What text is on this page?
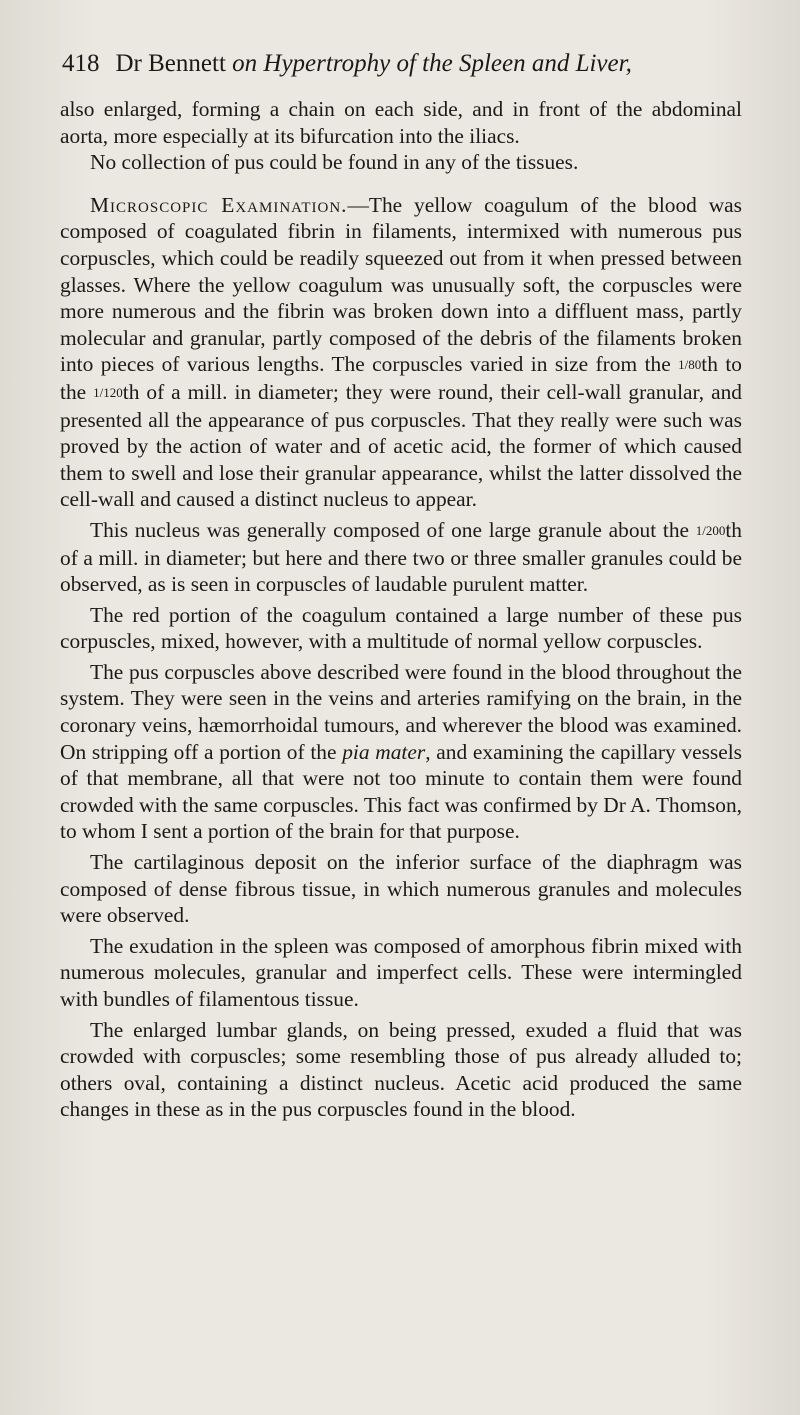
418 Dr Bennett on Hypertrophy of the Spleen and Liver,

also enlarged, forming a chain on each side, and in front of the abdominal aorta, more especially at its bifurcation into the iliacs.

No collection of pus could be found in any of the tissues.

Microscopic Examination.—The yellow coagulum of the blood was composed of coagulated fibrin in filaments, intermixed with numerous pus corpuscles, which could be readily squeezed out from it when pressed between glasses. Where the yellow coagulum was unusually soft, the corpuscles were more numerous and the fibrin was broken down into a diffluent mass, partly molecular and granular, partly composed of the debris of the filaments broken into pieces of various lengths. The corpuscles varied in size from the 1/80th to the 1/120th of a mill. in diameter; they were round, their cell-wall granular, and presented all the appearance of pus corpuscles. That they really were such was proved by the action of water and of acetic acid, the former of which caused them to swell and lose their granular appearance, whilst the latter dissolved the cell-wall and caused a distinct nucleus to appear.

This nucleus was generally composed of one large granule about the 1/200th of a mill. in diameter; but here and there two or three smaller granules could be observed, as is seen in corpuscles of laudable purulent matter.

The red portion of the coagulum contained a large number of these pus corpuscles, mixed, however, with a multitude of normal yellow corpuscles.

The pus corpuscles above described were found in the blood throughout the system. They were seen in the veins and arteries ramifying on the brain, in the coronary veins, hæmorrhoidal tumours, and wherever the blood was examined. On stripping off a portion of the pia mater, and examining the capillary vessels of that membrane, all that were not too minute to contain them were found crowded with the same corpuscles. This fact was confirmed by Dr A. Thomson, to whom I sent a portion of the brain for that purpose.

The cartilaginous deposit on the inferior surface of the diaphragm was composed of dense fibrous tissue, in which numerous granules and molecules were observed.

The exudation in the spleen was composed of amorphous fibrin mixed with numerous molecules, granular and imperfect cells. These were intermingled with bundles of filamentous tissue.

The enlarged lumbar glands, on being pressed, exuded a fluid that was crowded with corpuscles; some resembling those of pus already alluded to; others oval, containing a distinct nucleus. Acetic acid produced the same changes in these as in the pus corpuscles found in the blood.
